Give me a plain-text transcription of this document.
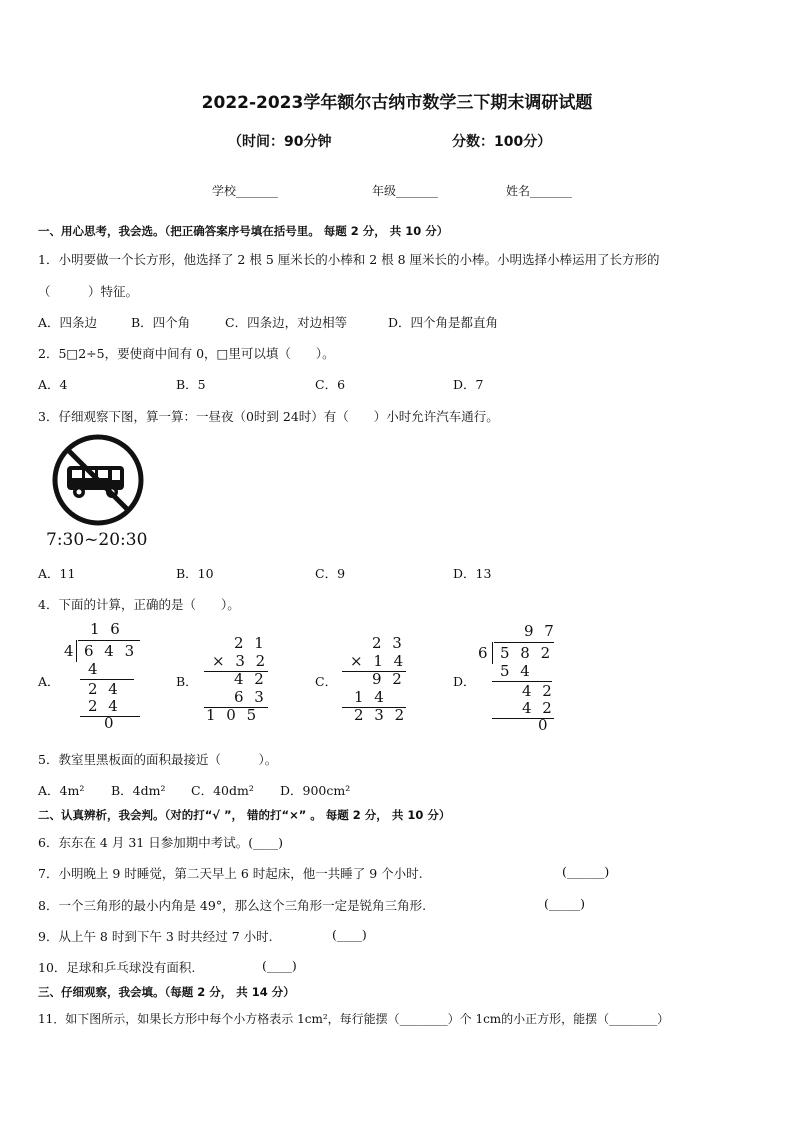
2022-2023学年额尔古纳市数学三下期末调研试题
（时间：90分钟	分数：100分）
学校_______	年级_______	姓名_______
一、用心思考，我会选。（把正确答案序号填在括号里。 每题 2 分， 共 10 分）
1．小明要做一个长方形，他选择了 2 根 5 厘米长的小棒和 2 根 8 厘米长的小棒。小明选择小棒运用了长方形的
（　　　）特征。
A．四条边	B．四个角	C．四条边，对边相等	D．四个角是都直角
2．5□2÷5，要使商中间有 0，□里可以填（　　）。
A．4	B．5	C．6	D．7
3．仔细观察下图，算一算：一昼夜（0时到 24时）有（　　）小时允许汽车通行。
7:30~20:30
A．11	B．10	C．9	D．13
4．下面的计算，正确的是（　　）。
A．
1 6
4 6 4 3
4
2 4
2 4
0
B．
2 1
× 3 2
4 2
6 3
1 0 5
C．
2 3
× 1 4
9 2
1 4
2 3 2
D．
9 7
6 5 8 2
5 4
4 2
4 2
0
5．教室里黑板面的面积最接近（　　　）。
A．4m² B．4dm² C．40dm² D．900cm²
二、认真辨析，我会判。（对的打“√ ”， 错的打“×” 。 每题 2 分， 共 10 分）
6．东东在 4 月 31 日参加期中考试。(____)
7．小明晚上 9 时睡觉，第二天早上 6 时起床，他一共睡了 9 个小时.	(______)
8．一个三角形的最小内角是 49°，那么这个三角形一定是锐角三角形.	(_____)
9．从上午 8 时到下午 3 时共经过 7 小时.	(____)
10．足球和乒乓球没有面积.	(____)
三、仔细观察，我会填。（每题 2 分， 共 14 分）
11．如下图所示，如果长方形中每个小方格表示 1cm²，每行能摆（________）个 1cm的小正方形，能摆（________）
